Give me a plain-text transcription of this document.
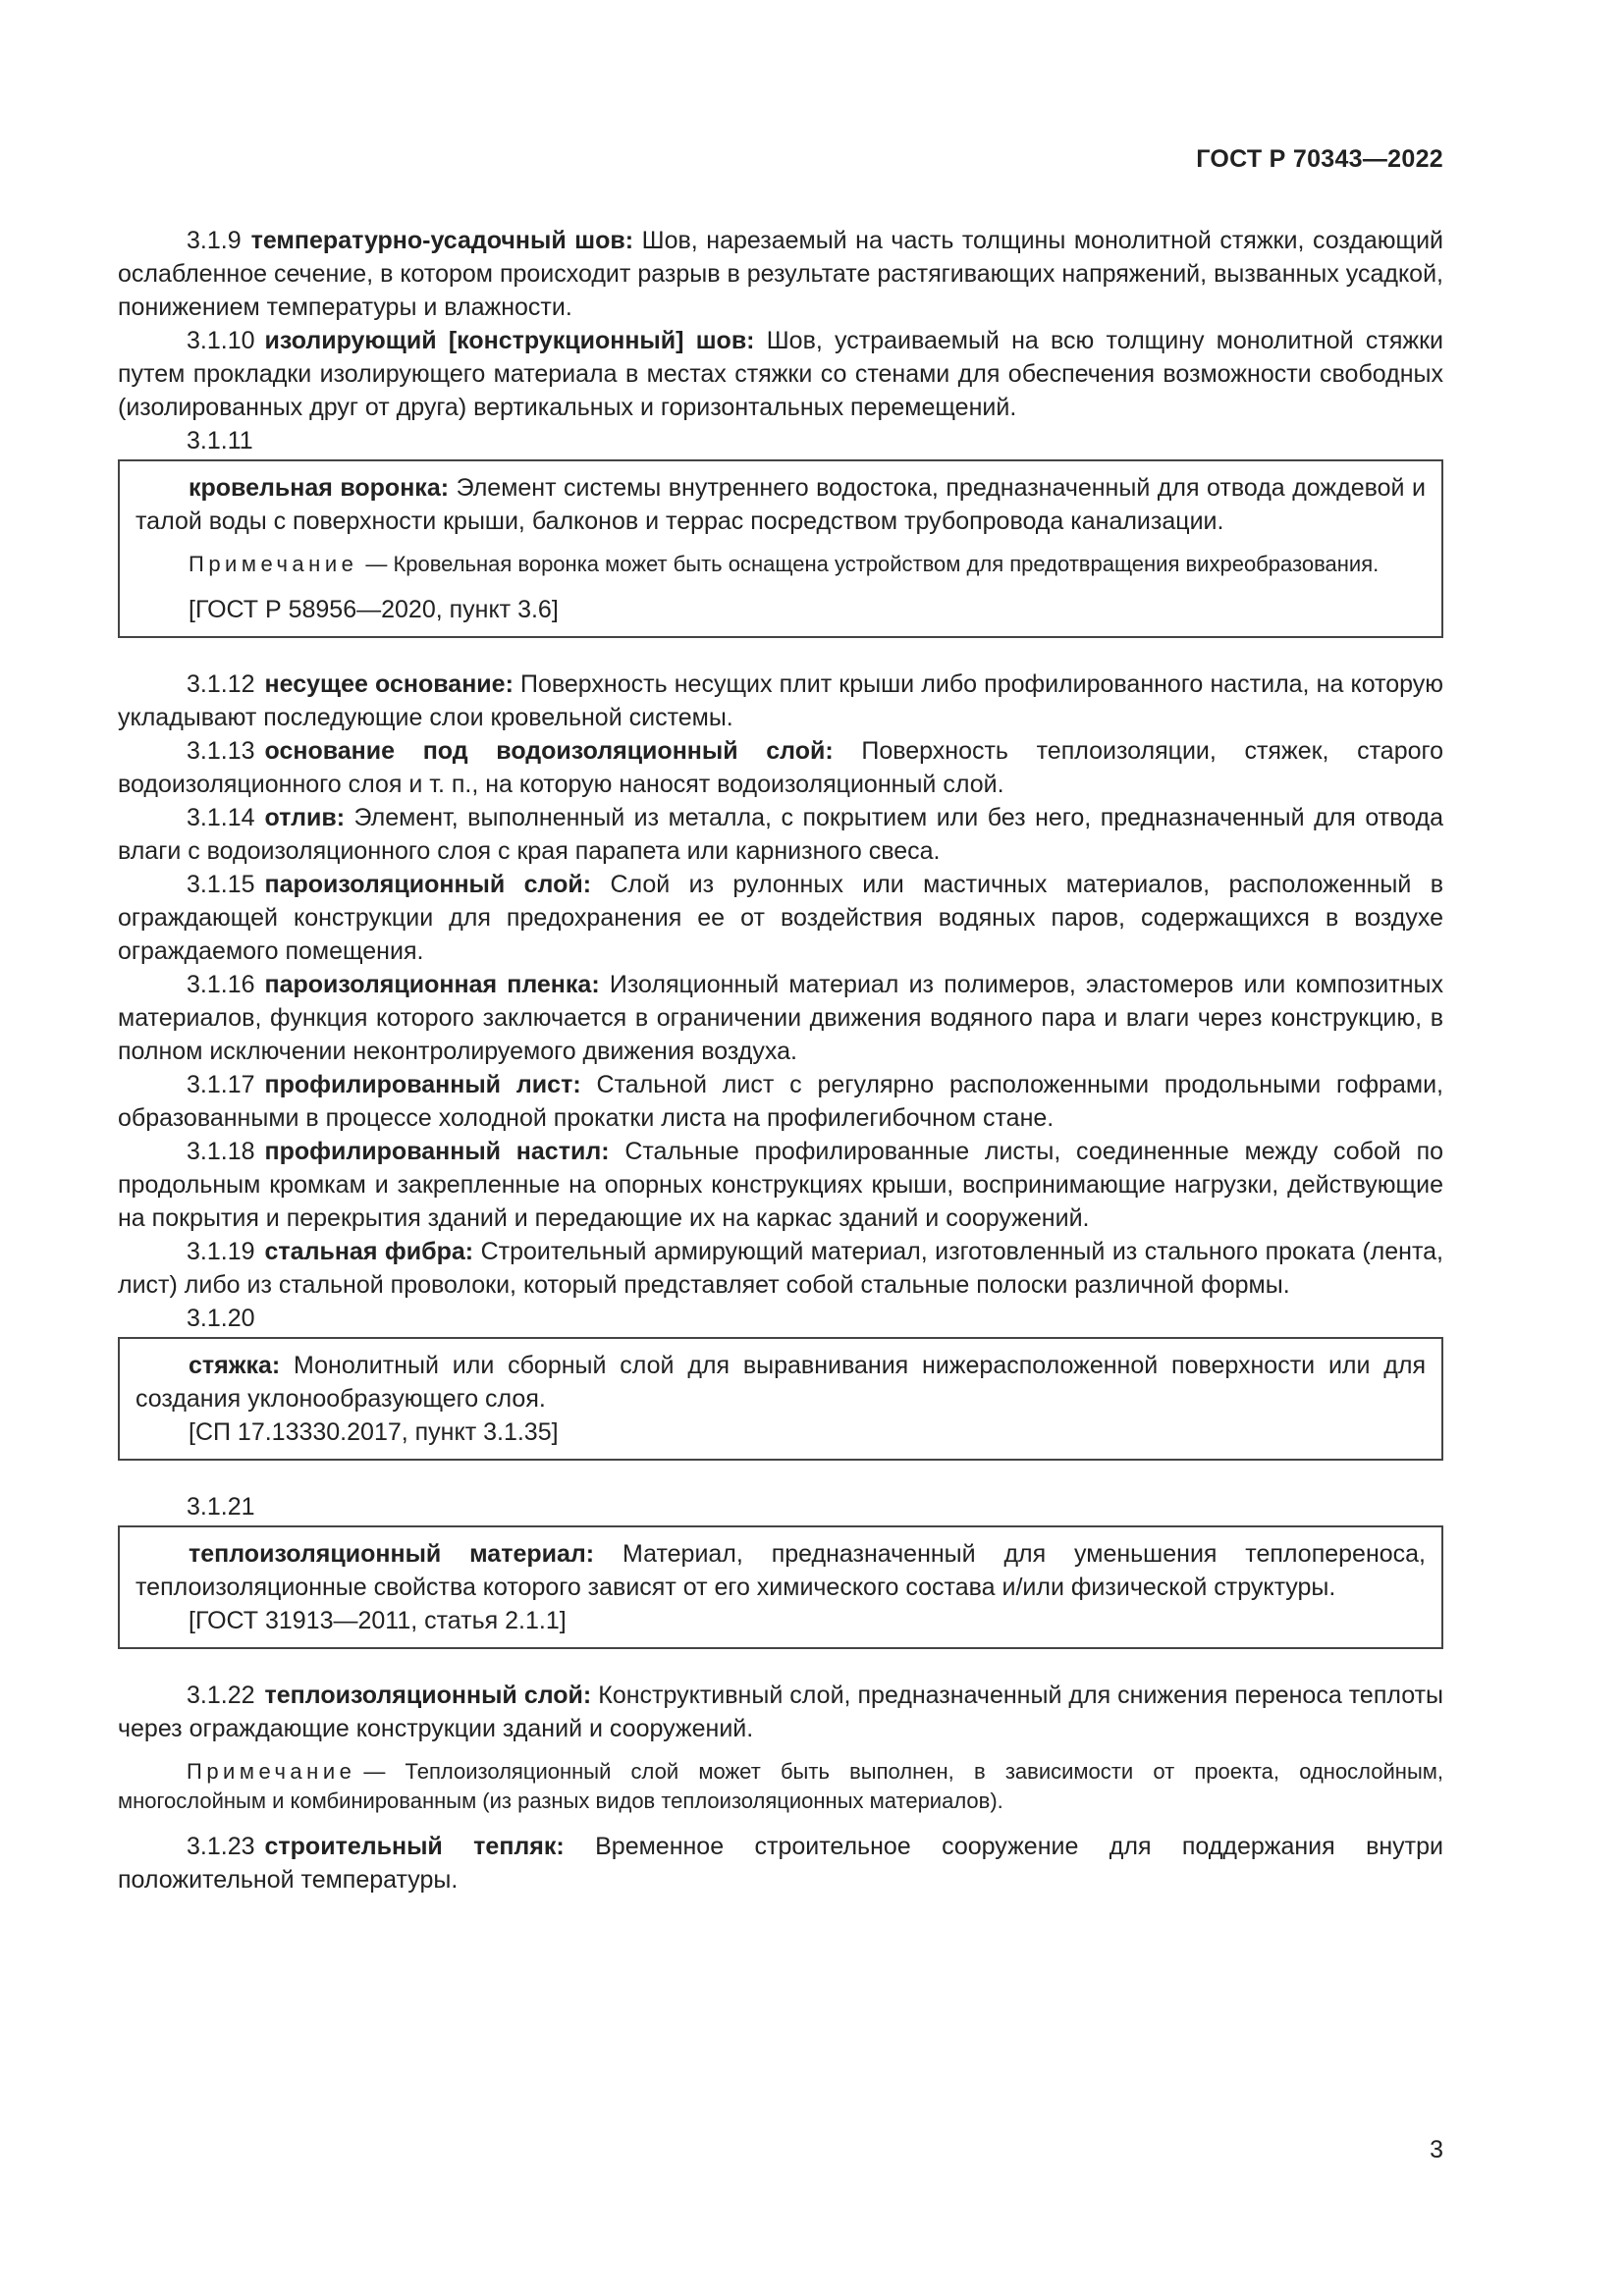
ГОСТ Р 70343—2022

3.1.9 температурно-усадочный шов: Шов, нарезаемый на часть толщины монолитной стяжки, создающий ослабленное сечение, в котором происходит разрыв в результате растягивающих напряжений, вызванных усадкой, понижением температуры и влажности.

3.1.10 изолирующий [конструкционный] шов: Шов, устраиваемый на всю толщину монолитной стяжки путем прокладки изолирующего материала в местах стяжки со стенами для обеспечения возможности свободных (изолированных друг от друга) вертикальных и горизонтальных перемещений.

3.1.11

кровельная воронка: Элемент системы внутреннего водостока, предназначенный для отвода дождевой и талой воды с поверхности крыши, балконов и террас посредством трубопровода канализации.

Примечание — Кровельная воронка может быть оснащена устройством для предотвращения вихреобразования.

[ГОСТ Р 58956—2020, пункт 3.6]

3.1.12 несущее основание: Поверхность несущих плит крыши либо профилированного настила, на которую укладывают последующие слои кровельной системы.

3.1.13 основание под водоизоляционный слой: Поверхность теплоизоляции, стяжек, старого водоизоляционного слоя и т. п., на которую наносят водоизоляционный слой.

3.1.14 отлив: Элемент, выполненный из металла, с покрытием или без него, предназначенный для отвода влаги с водоизоляционного слоя с края парапета или карнизного свеса.

3.1.15 пароизоляционный слой: Слой из рулонных или мастичных материалов, расположенный в ограждающей конструкции для предохранения ее от воздействия водяных паров, содержащихся в воздухе ограждаемого помещения.

3.1.16 пароизоляционная пленка: Изоляционный материал из полимеров, эластомеров или композитных материалов, функция которого заключается в ограничении движения водяного пара и влаги через конструкцию, в полном исключении неконтролируемого движения воздуха.

3.1.17 профилированный лист: Стальной лист с регулярно расположенными продольными гофрами, образованными в процессе холодной прокатки листа на профилегибочном стане.

3.1.18 профилированный настил: Стальные профилированные листы, соединенные между собой по продольным кромкам и закрепленные на опорных конструкциях крыши, воспринимающие нагрузки, действующие на покрытия и перекрытия зданий и передающие их на каркас зданий и сооружений.

3.1.19 стальная фибра: Строительный армирующий материал, изготовленный из стального проката (лента, лист) либо из стальной проволоки, который представляет собой стальные полоски различной формы.

3.1.20

стяжка: Монолитный или сборный слой для выравнивания нижерасположенной поверхности или для создания уклонообразующего слоя.

[СП 17.13330.2017, пункт 3.1.35]

3.1.21

теплоизоляционный материал: Материал, предназначенный для уменьшения теплопереноса, теплоизоляционные свойства которого зависят от его химического состава и/или физической структуры.

[ГОСТ 31913—2011, статья 2.1.1]

3.1.22 теплоизоляционный слой: Конструктивный слой, предназначенный для снижения переноса теплоты через ограждающие конструкции зданий и сооружений.

Примечание — Теплоизоляционный слой может быть выполнен, в зависимости от проекта, однослойным, многослойным и комбинированным (из разных видов теплоизоляционных материалов).

3.1.23 строительный тепляк: Временное строительное сооружение для поддержания внутри положительной температуры.

3
